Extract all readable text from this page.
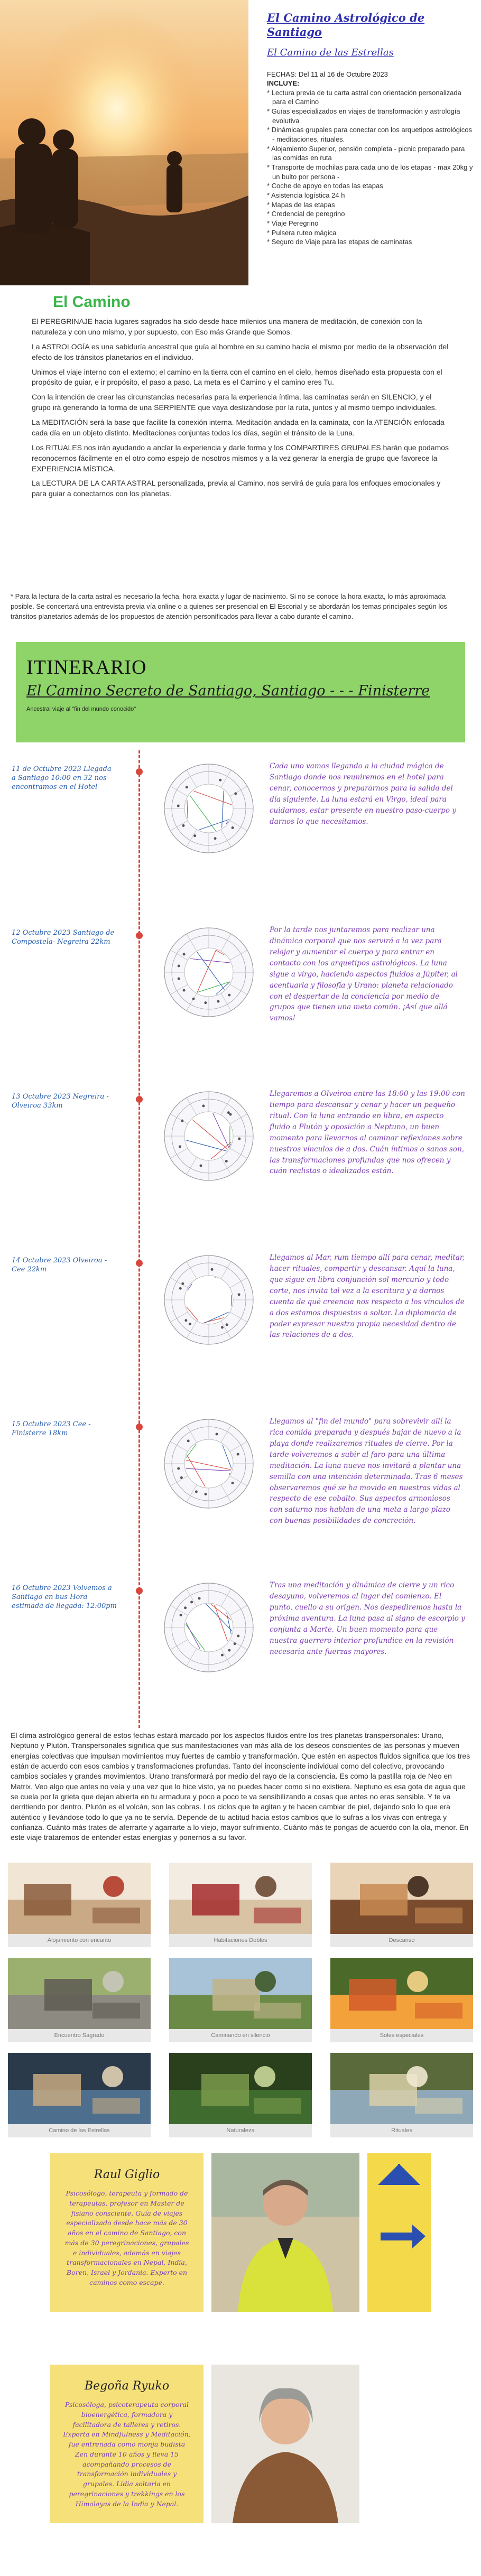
El Camino Astrológico de Santiago
El Camino de las Estrellas
FECHAS: Del 11 al 16 de Octubre 2023
INCLUYE:
* Lectura previa de tu carta astral con orientación personalizada para el Camino
* Guías especializados en viajes de transformación y astrología evolutiva
* Dinámicas grupales para conectar con los arquetipos astrológicos - meditaciones, rituales.
* Alojamiento Superior, pensión completa - picnic preparado para las comidas en ruta
* Transporte de mochilas para cada uno de los etapas - max 20kg y un bulto por persona -
* Coche de apoyo en todas las etapas
* Asistencia logística 24 h
* Mapas de las etapas
* Credencial de peregrino
* Viaje Peregrino
* Pulsera ruteo mágica
* Seguro de Viaje para las etapas de caminatas
El Camino

El PEREGRINAJE hacia lugares sagrados ha sido desde hace milenios una manera de meditación, de conexión con la naturaleza y con uno mismo, y por supuesto, con Eso más Grande que Somos.

La ASTROLOGÍA es una sabiduría ancestral que guía al hombre en su camino hacia el mismo por medio de la observación del efecto de los tránsitos planetarios en el individuo.

Unimos el viaje interno con el externo; el camino en la tierra con el camino en el cielo, hemos diseñado esta propuesta con el propósito de guiar, e ir propósito, el paso a paso. La meta es el Camino y el camino eres Tu.

Con la intención de crear las circunstancias necesarias para la experiencia íntima, las caminatas serán en SILENCIO, y el grupo irá generando la forma de una SERPIENTE que vaya deslizándose por la ruta, juntos y al mismo tiempo individuales.

La MEDITACIÓN será la base que facilite la conexión interna. Meditación andada en la caminata, con la ATENCIÓN enfocada cada día en un objeto distinto. Meditaciones conjuntas todos los días, según el tránsito de la Luna.

Los RITUALES nos irán ayudando a anclar la experiencia y darle forma y los COMPARTIRES GRUPALES harán que podamos reconocernos fácilmente en el otro como espejo de nosotros mismos y a la vez generar la energía de grupo que favorece la EXPERIENCIA MÍSTICA.

La LECTURA DE LA CARTA ASTRAL personalizada, previa al Camino, nos servirá de guía para los enfoques emocionales y para guiar a conectarnos con los planetas.

* Para la lectura de la carta astral es necesario la fecha, hora exacta y lugar de nacimiento. Si no se conoce la hora exacta, lo más aproximada posible. Se concertará una entrevista previa vía online o a quienes ser presencial en El Escorial y se abordarán los temas principales según los tránsitos planetarios además de los propuestos de atención personificados para llevar a cabo durante el camino.
ITINERARIO
El Camino Secreto de Santiago, Santiago - - - Finisterre
Ancestral viaje al "fin del mundo conocido"
11 de Octubre 2023 Llegada a Santiago 10:00 en 32 nos encontramos en el Hotel
Cada uno vamos llegando a la ciudad mágica de Santiago donde nos reuniremos en el hotel para cenar, conocernos y prepararnos para la salida del día siguiente. La luna estará en Virgo, ideal para cuidarnos, estar presente en nuestro paso-cuerpo y darnos lo que necesitamos.
12 Octubre 2023 Santiago de Compostela- Negreira 22km
Por la tarde nos juntaremos para realizar una dinámica corporal que nos servirá a la vez para relajar y aumentar el cuerpo y para entrar en contacto con los arquetipos astrológicos. La luna sigue a virgo, haciendo aspectos fluidos a Júpiter, al acentuarla y filosofía y Urano: planeta relacionado con el despertar de la conciencia por medio de grupos que tienen una meta común. ¡Así que allá vamos!
13 Octubre 2023 Negreira - Olveiroa 33km
Llegaremos a Olveiroa entre las 18:00 y las 19:00 con tiempo para descansar y cenar y hacer un pequeño ritual. Con la luna entrando en libra, en aspecto fluido a Plutón y oposición a Neptuno, un buen momento para llevarnos al caminar reflexiones sobre nuestros vínculos de a dos. Cuán íntimos o sanos son, las transformaciones profundas que nos ofrecen y cuán realistas o idealizados están.
14 Octubre 2023 Olveiroa - Cee 22km
Llegamos al Mar, rum tiempo allí para cenar, meditar, hacer rituales, compartir y descansar. Aquí la luna, que sigue en libra conjunción sol mercurio y todo corte, nos invita tal vez a la escritura y a darnos cuenta de qué creencia nos respecto a los vínculos de a dos estamos dispuestos a soltar. La diplomacia de poder expresar nuestra propia necesidad dentro de las relaciones de a dos.
15 Octubre 2023 Cee - Finisterre 18km
Llegamos al "fin del mundo" para sobrevivir allí la rica comida preparada y después bajar de nuevo a la playa donde realizaremos rituales de cierre. Por la tarde volveremos a subir al faro para una última meditación. La luna nueva nos invitará a plantar una semilla con una intención determinada. Tras 6 meses observaremos qué se ha movido en nuestras vidas al respecto de ese cobalto. Sus aspectos armoniosos con saturno nos hablan de una meta a largo plazo con buenas posibilidades de concreción.
16 Octubre 2023 Volvemos a Santiago en bus Hora estimada de llegada: 12:00pm
Tras una meditación y dinámica de cierre y un rico desayuno, volveremos al lugar del comienzo. El punto, cuello a su origen. Nos despediremos hasta la próxima aventura. La luna pasa al signo de escorpio y conjunta a Marte. Un buen momento para que nuestra guerrero interior profundice en la revisión necesaria ante fuerzas mayores.
El clima astrológico general de estos fechas estará marcado por los aspectos fluidos entre los tres planetas transpersonales: Urano, Neptuno y Plutón. Transpersonales significa que sus manifestaciones van más allá de los deseos conscientes de las personas y mueven energías colectivas que impulsan movimientos muy fuertes de cambio y transformación. Que estén en aspectos fluidos significa que los tres están de acuerdo con esos cambios y transformaciones profundas. Tanto del inconsciente individual como del colectivo, provocando cambios sociales y grandes movimientos. Urano transformará por medio del rayo de la consciencia. Es como la pastilla roja de Neo en Matrix. Veo algo que antes no veía y una vez que lo hice visto, ya no puedes hacer como si no existiera. Neptuno es esa gota de agua que se cuela por la grieta que dejan abierta en tu armadura y poco a poco te va sensibilizando a cosas que antes no eras sensible. Y te va derritiendo por dentro. Plutón es el volcán, son las cobras. Los ciclos que te agitan y te hacen cambiar de piel, dejando solo lo que era auténtico y llevándose todo lo que ya no te servía. Depende de tu actitud hacia estos cambios que lo sufras a los vivas con entrega y confianza. Cuánto más trates de aferrarte y agarrarte a lo viejo, mayor sufrimiento. Cuánto más te pongas de acuerdo con la ola, menor. En este viaje trataremos de entender estas energías y ponernos a su favor.
Alojamiento con encanto	Habitaciones Dobles	Descanso
Encuentro Sagrado	Caminando en silencio	Soles especiales
Camino de las Estrellas	Naturaleza	Rituales
Raul Giglio
Psicosólogo, terapeuta y formado de terapeutas, profesor en Master de fisiano consciente. Guía de viajes especializado desde hace más de 30 años en el camino de Santiago, con más de 30 peregrinaciones, grupales e individuales, además en viajes transformacionales en Nepal, India, Boren, Israel y Jordania. Experto en caminos como escape.
Begoña Ryuko
Psicosóloga, psicoterapeuta corporal bioenergética, formadora y facilitadora de talleres y retiros. Experta en Mindfulness y Meditación, fue entrenada como monja budista Zen durante 10 años y lleva 15 acompañando procesos de transformación individuales y grupales. Lidia soltaria en peregrinaciones y trekkings en los Himalayas de la India y Nepal.
